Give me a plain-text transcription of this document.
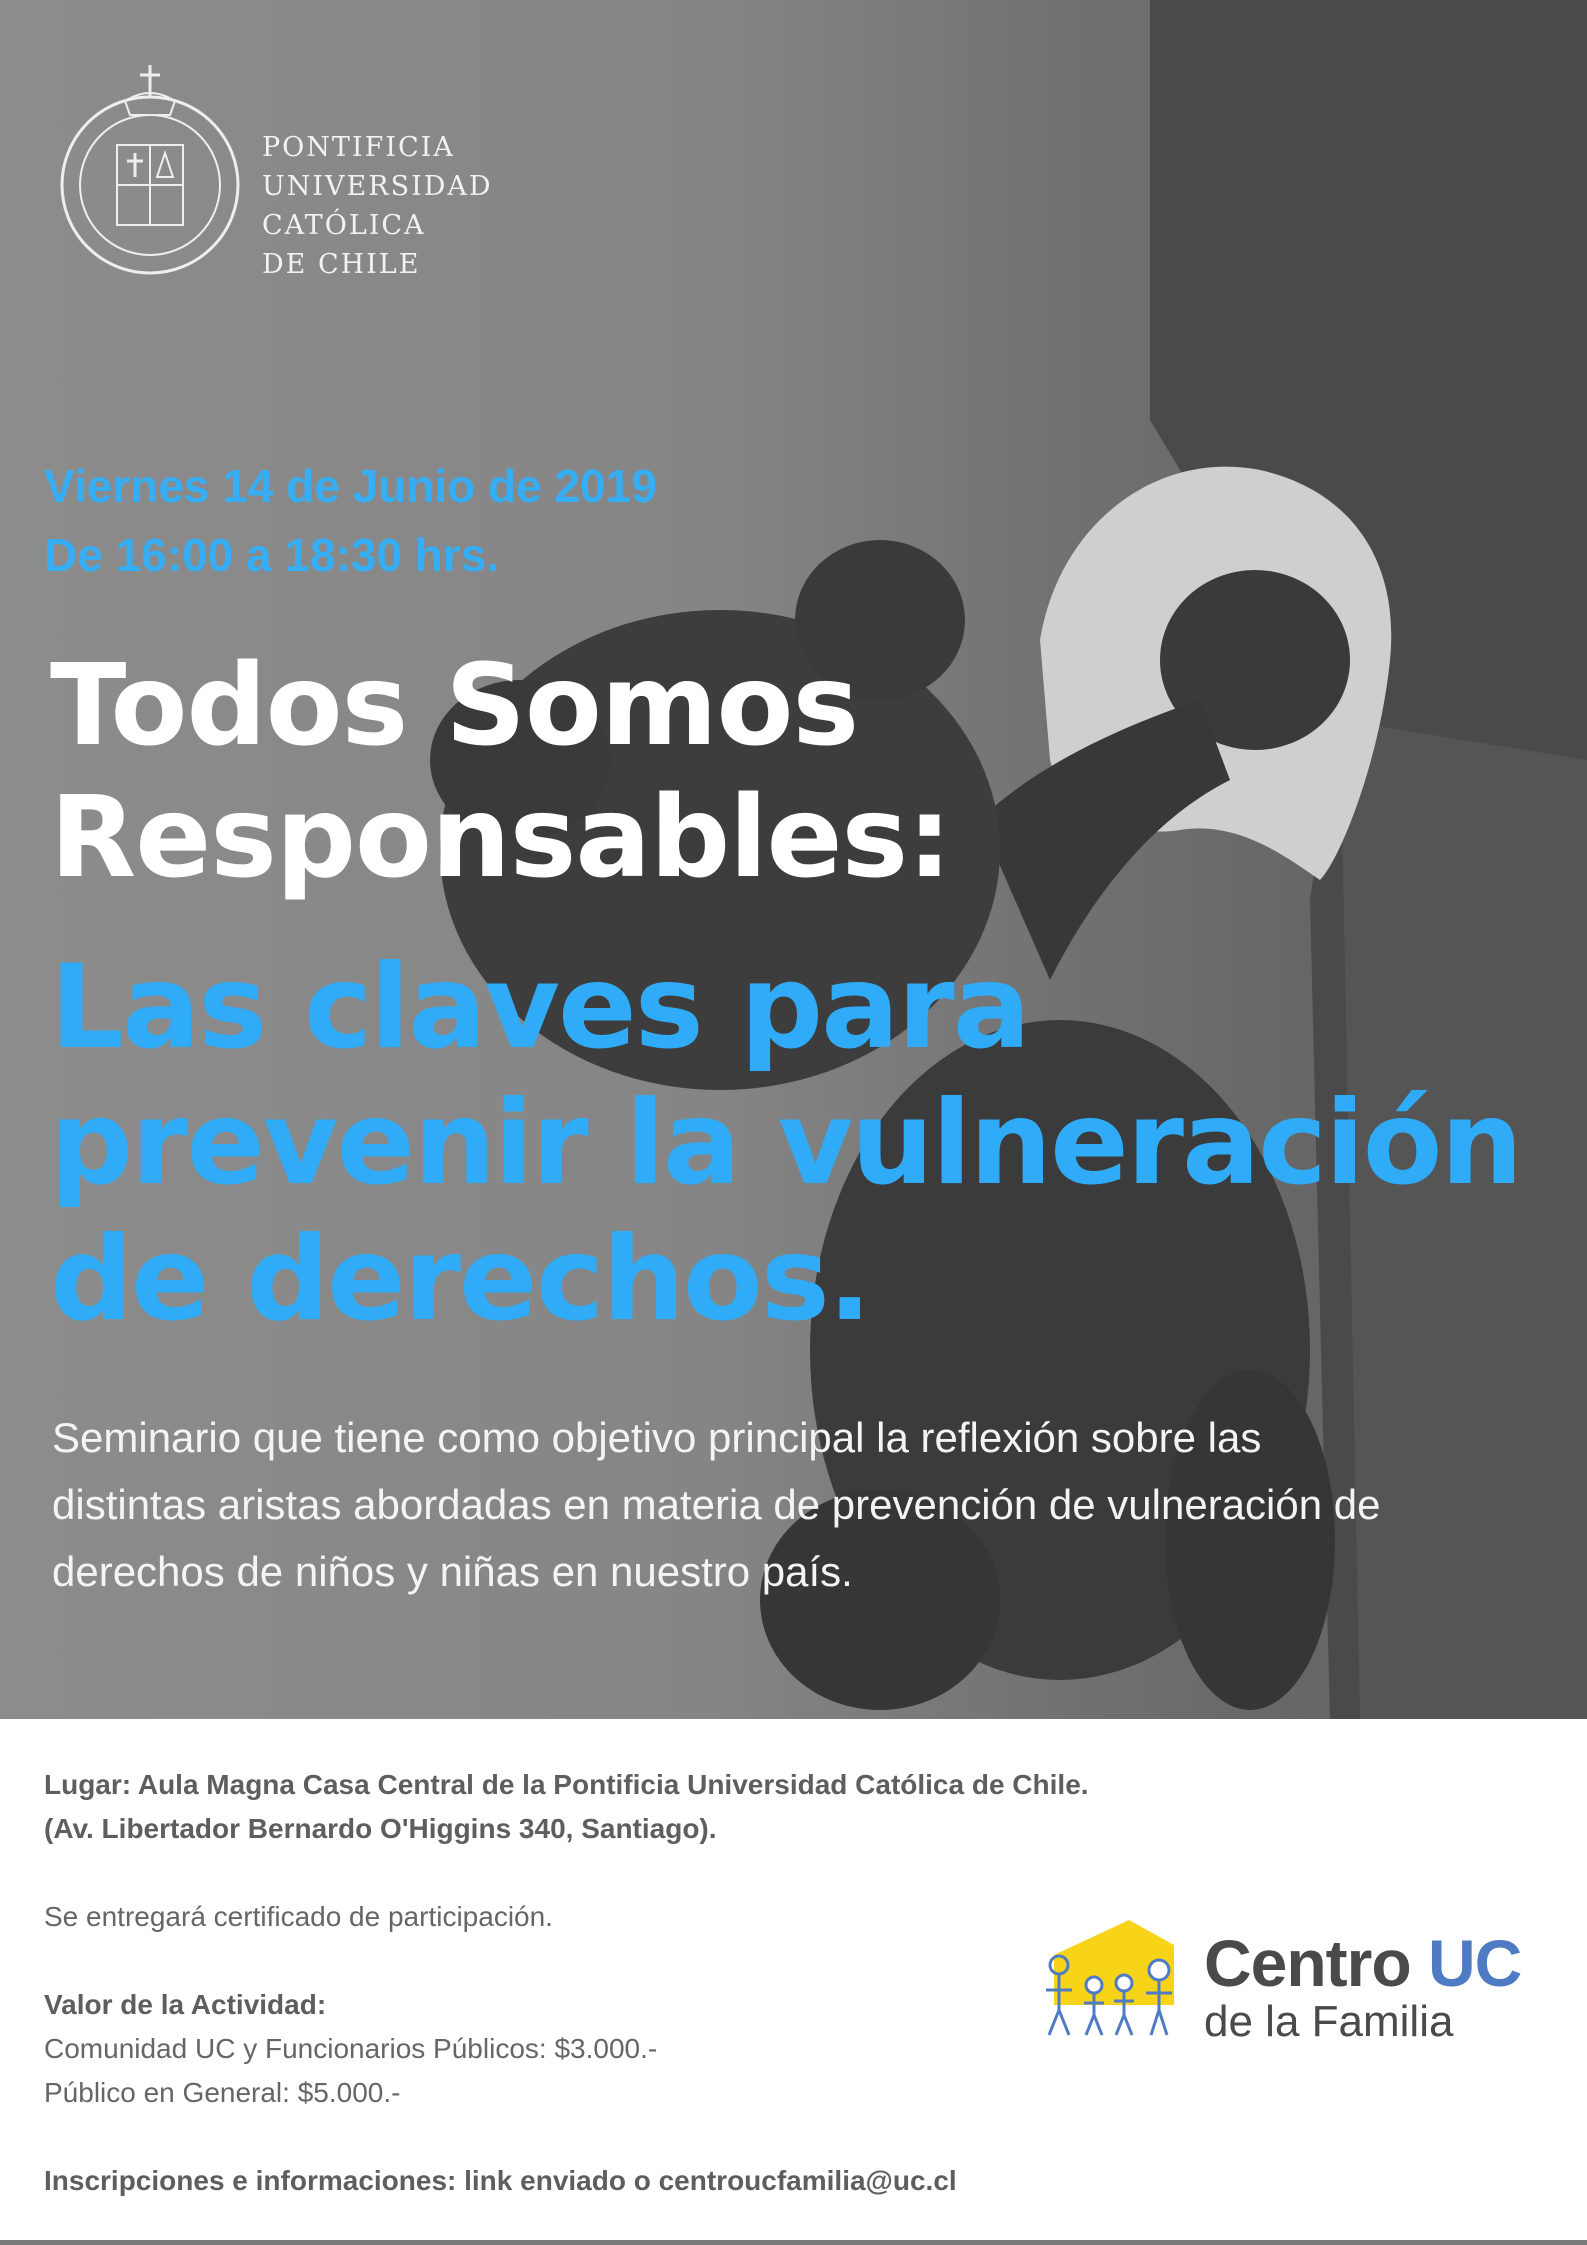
PONTIFICIA
UNIVERSIDAD
CATÓLICA
DE CHILE
Viernes 14 de Junio de 2019
De 16:00 a 18:30 hrs.
Todos Somos
Responsables:
Las claves para
prevenir la vulneración
de derechos.
Seminario que tiene como objetivo principal la reflexión sobre las
distintas aristas abordadas en materia de prevención de vulneración de
derechos de niños y niñas en nuestro país.
Lugar: Aula Magna Casa Central de la Pontificia Universidad Católica de Chile.
(Av. Libertador Bernardo O'Higgins 340, Santiago).
Se entregará certificado de participación.
Valor de la Actividad:
Comunidad UC y Funcionarios Públicos: $3.000.-
Público en General: $5.000.-
Inscripciones e informaciones: link enviado o centroucfamilia@uc.cl
Centro UC
de la Familia
